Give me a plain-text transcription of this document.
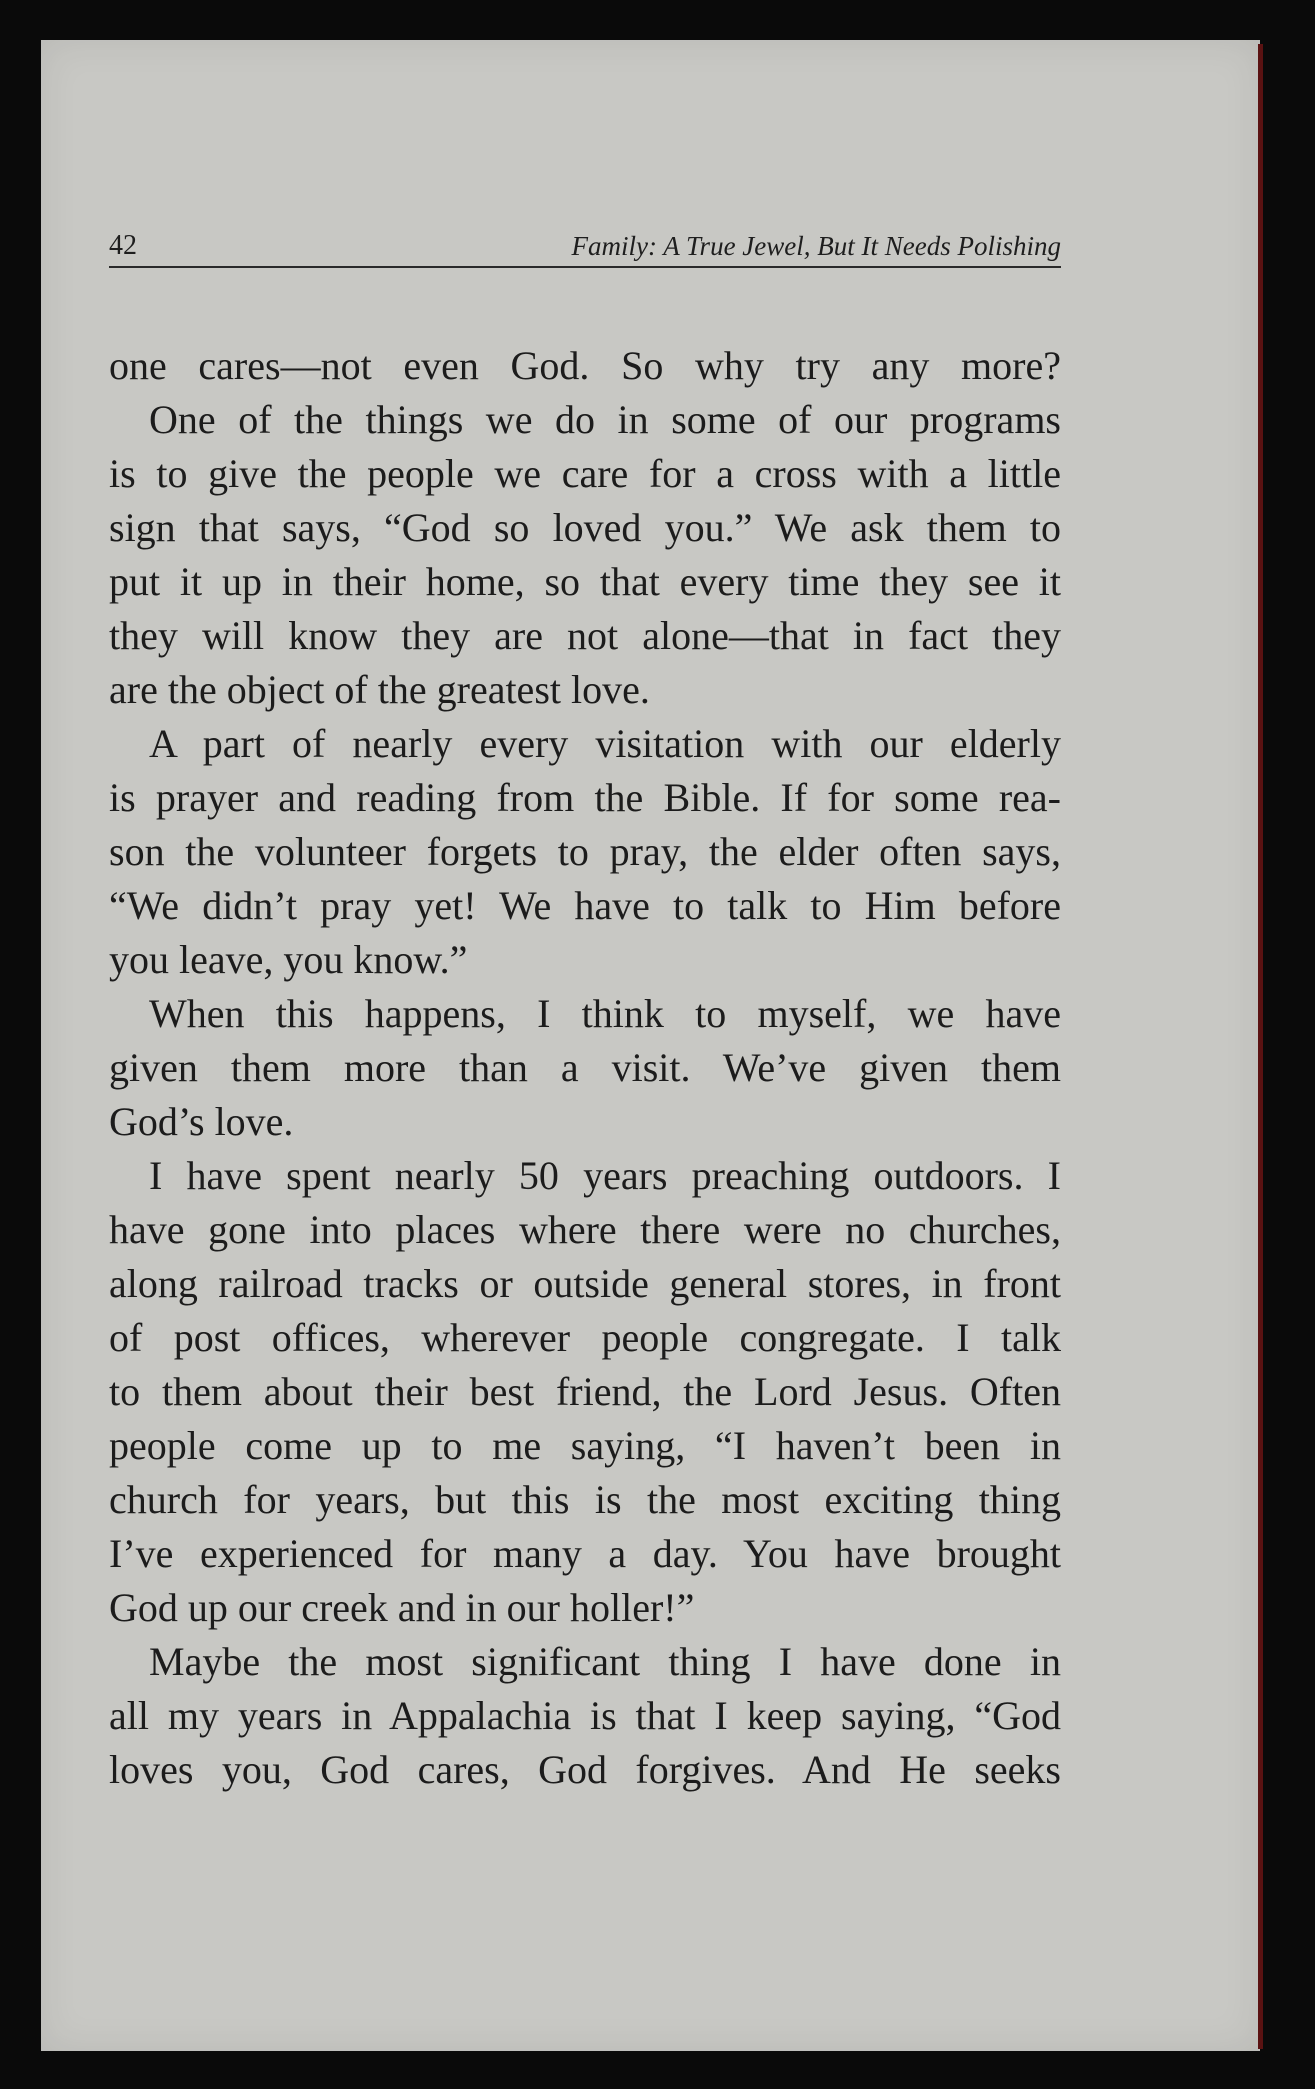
42	Family: A True Jewel, But It Needs Polishing
one cares—not even God. So why try any more?
One of the things we do in some of our programs
is to give the people we care for a cross with a little
sign that says, “God so loved you.” We ask them to
put it up in their home, so that every time they see it
they will know they are not alone—that in fact they
are the object of the greatest love.
A part of nearly every visitation with our elderly
is prayer and reading from the Bible. If for some rea-
son the volunteer forgets to pray, the elder often says,
“We didn’t pray yet! We have to talk to Him before
you leave, you know.”
When this happens, I think to myself, we have
given them more than a visit. We’ve given them
God’s love.
I have spent nearly 50 years preaching outdoors. I
have gone into places where there were no churches,
along railroad tracks or outside general stores, in front
of post offices, wherever people congregate. I talk
to them about their best friend, the Lord Jesus. Often
people come up to me saying, “I haven’t been in
church for years, but this is the most exciting thing
I’ve experienced for many a day. You have brought
God up our creek and in our holler!”
Maybe the most significant thing I have done in
all my years in Appalachia is that I keep saying, “God
loves you, God cares, God forgives. And He seeks
